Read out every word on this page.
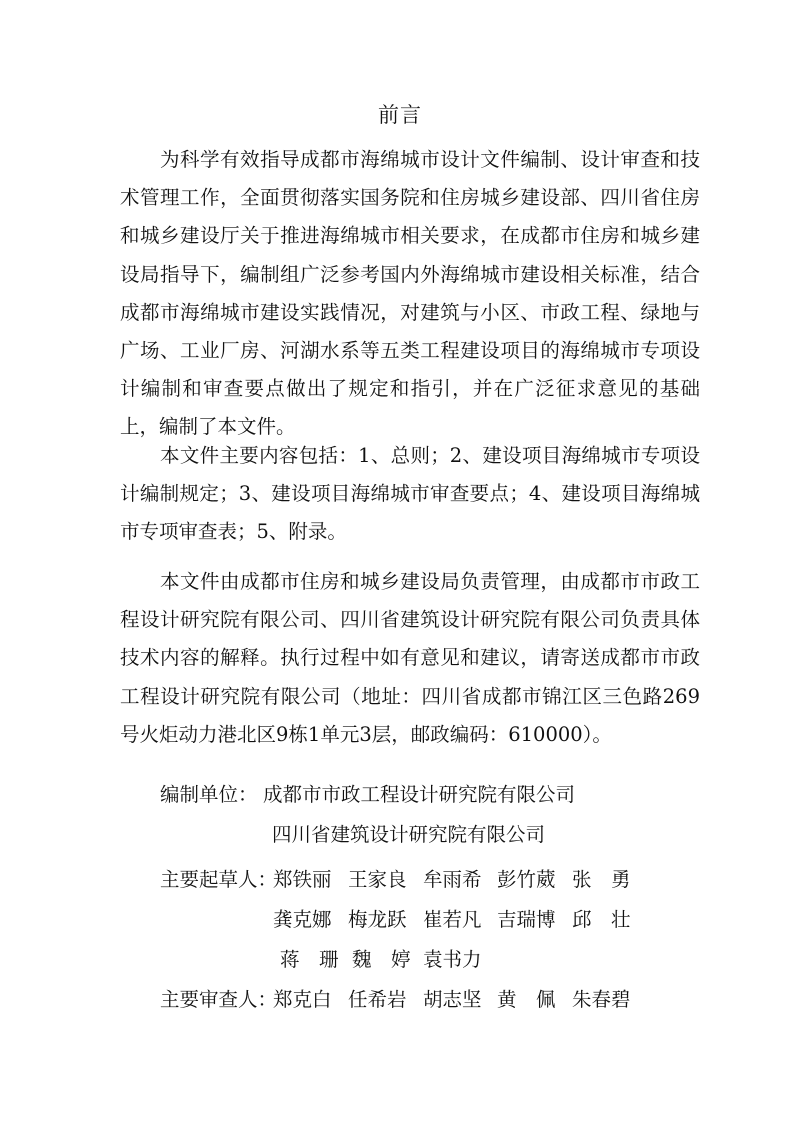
前言

为科学有效指导成都市海绵城市设计文件编制、设计审查和技术管理工作，全面贯彻落实国务院和住房城乡建设部、四川省住房和城乡建设厅关于推进海绵城市相关要求，在成都市住房和城乡建设局指导下，编制组广泛参考国内外海绵城市建设相关标准，结合成都市海绵城市建设实践情况，对建筑与小区、市政工程、绿地与广场、工业厂房、河湖水系等五类工程建设项目的海绵城市专项设计编制和审查要点做出了规定和指引，并在广泛征求意见的基础上，编制了本文件。

本文件主要内容包括：1、总则；2、建设项目海绵城市专项设计编制规定；3、建设项目海绵城市审查要点；4、建设项目海绵城市专项审查表；5、附录。

本文件由成都市住房和城乡建设局负责管理，由成都市市政工程设计研究院有限公司、四川省建筑设计研究院有限公司负责具体技术内容的解释。执行过程中如有意见和建议，请寄送成都市市政工程设计研究院有限公司（地址：四川省成都市锦江区三色路269号火炬动力港北区9栋1单元3层，邮政编码：610000）。

编制单位： 成都市市政工程设计研究院有限公司
四川省建筑设计研究院有限公司
主要起草人：
郑铁丽 王家良 牟雨希 彭竹葳 张　勇
龚克娜 梅龙跃 崔若凡 吉瑞博 邱　壮
蒋　珊 魏　婷 袁书力
主要审查人：
郑克白 任希岩 胡志坚 黄　佩 朱春碧
